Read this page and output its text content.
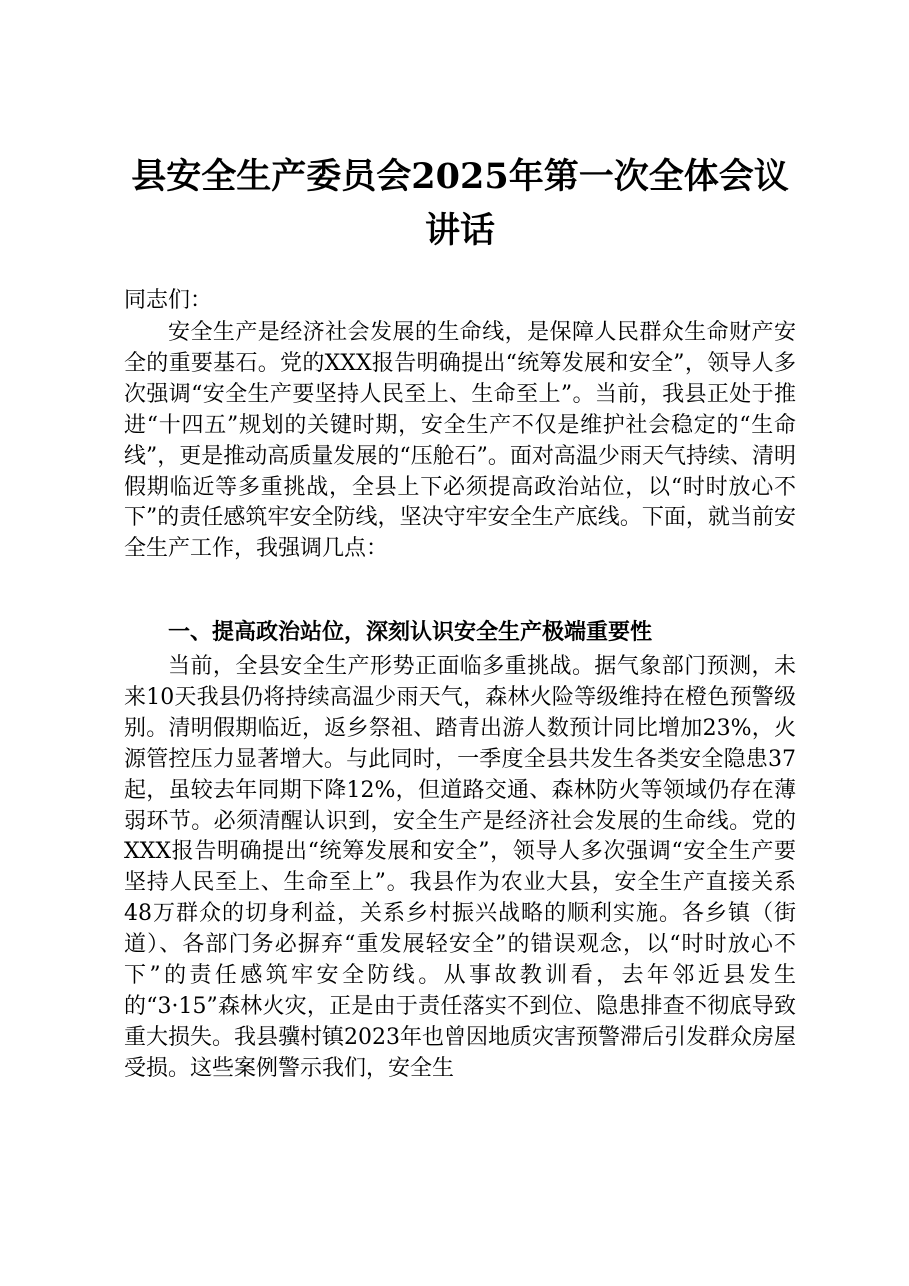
县安全生产委员会2025年第一次全体会议讲话
同志们：

安全生产是经济社会发展的生命线，是保障人民群众生命财产安全的重要基石。党的XXX报告明确提出“统筹发展和安全”，领导人多次强调“安全生产要坚持人民至上、生命至上”。当前，我县正处于推进“十四五”规划的关键时期，安全生产不仅是维护社会稳定的“生命线”，更是推动高质量发展的“压舱石”。面对高温少雨天气持续、清明假期临近等多重挑战，全县上下必须提高政治站位，以“时时放心不下”的责任感筑牢安全防线，坚决守牢安全生产底线。下面，就当前安全生产工作，我强调几点：

一、提高政治站位，深刻认识安全生产极端重要性

当前，全县安全生产形势正面临多重挑战。据气象部门预测，未来10天我县仍将持续高温少雨天气，森林火险等级维持在橙色预警级别。清明假期临近，返乡祭祖、踏青出游人数预计同比增加23%，火源管控压力显著增大。与此同时，一季度全县共发生各类安全隐患37起，虽较去年同期下降12%，但道路交通、森林防火等领域仍存在薄弱环节。必须清醒认识到，安全生产是经济社会发展的生命线。党的XXX报告明确提出“统筹发展和安全”，领导人多次强调“安全生产要坚持人民至上、生命至上”。我县作为农业大县，安全生产直接关系48万群众的切身利益，关系乡村振兴战略的顺利实施。各乡镇（街道）、各部门务必摒弃“重发展轻安全”的错误观念，以“时时放心不下”的责任感筑牢安全防线。从事故教训看，去年邻近县发生的“3·15”森林火灾，正是由于责任落实不到位、隐患排查不彻底导致重大损失。我县骥村镇2023年也曾因地质灾害预警滞后引发群众房屋受损。这些案例警示我们，安全生
